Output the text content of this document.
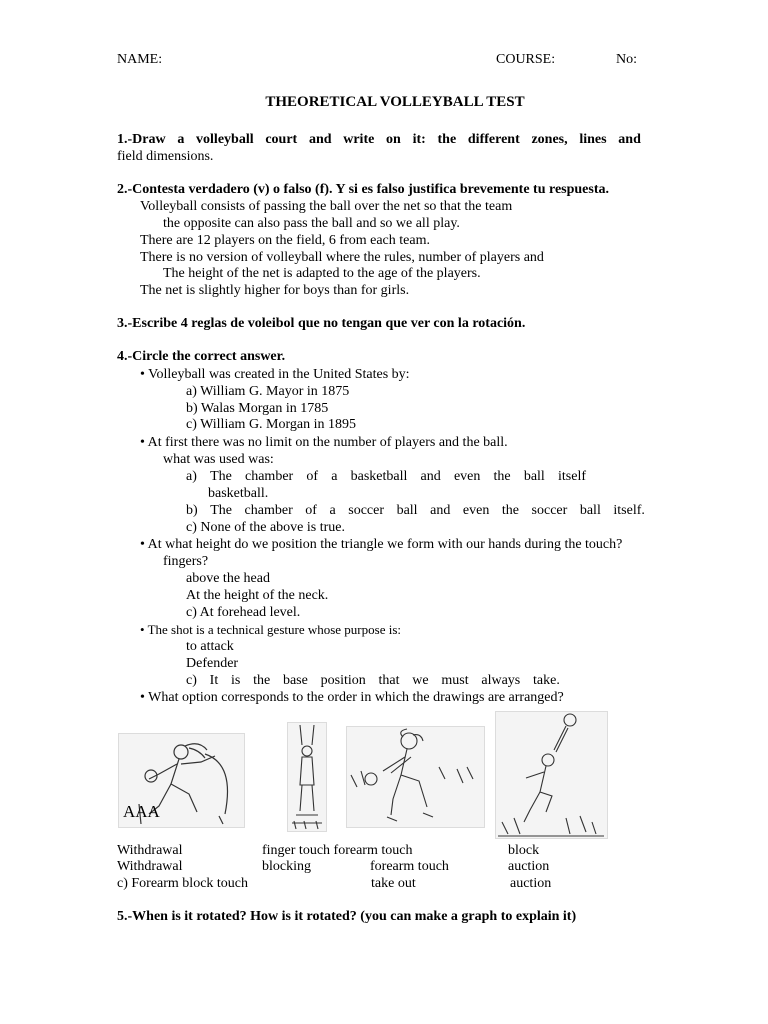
NAME:	COURSE:	No:
THEORETICAL VOLLEYBALL TEST
1.-Draw a volleyball court and write on it: the different zones, lines and
field dimensions.
2.-Contesta verdadero (v) o falso (f). Y si es falso justifica brevemente tu respuesta.
Volleyball consists of passing the ball over the net so that the team
the opposite can also pass the ball and so we all play.
There are 12 players on the field, 6 from each team.
There is no version of volleyball where the rules, number of players and
The height of the net is adapted to the age of the players.
The net is slightly higher for boys than for girls.
3.-Escribe 4 reglas de voleibol que no tengan que ver con la rotación.
4.-Circle the correct answer.
• Volleyball was created in the United States by:
a) William G. Mayor in 1875
b) Walas Morgan in 1785
c) William G. Morgan in 1895
• At first there was no limit on the number of players and the ball.
what was used was:
a) The chamber of a basketball and even the ball itself
basketball.
b) The chamber of a soccer ball and even the soccer ball itself.
c) None of the above is true.
• At what height do we position the triangle we form with our hands during the touch?
fingers?
above the head
At the height of the neck.
c) At forehead level.
• The shot is a technical gesture whose purpose is:
to attack
Defender
c) It is the base position that we must always take.
• What option corresponds to the order in which the drawings are arranged?
AAA
Withdrawal	finger touch forearm touch	block
Withdrawal	blocking	forearm touch	auction
c) Forearm block touch	take out	auction
5.-When is it rotated? How is it rotated? (you can make a graph to explain it)
